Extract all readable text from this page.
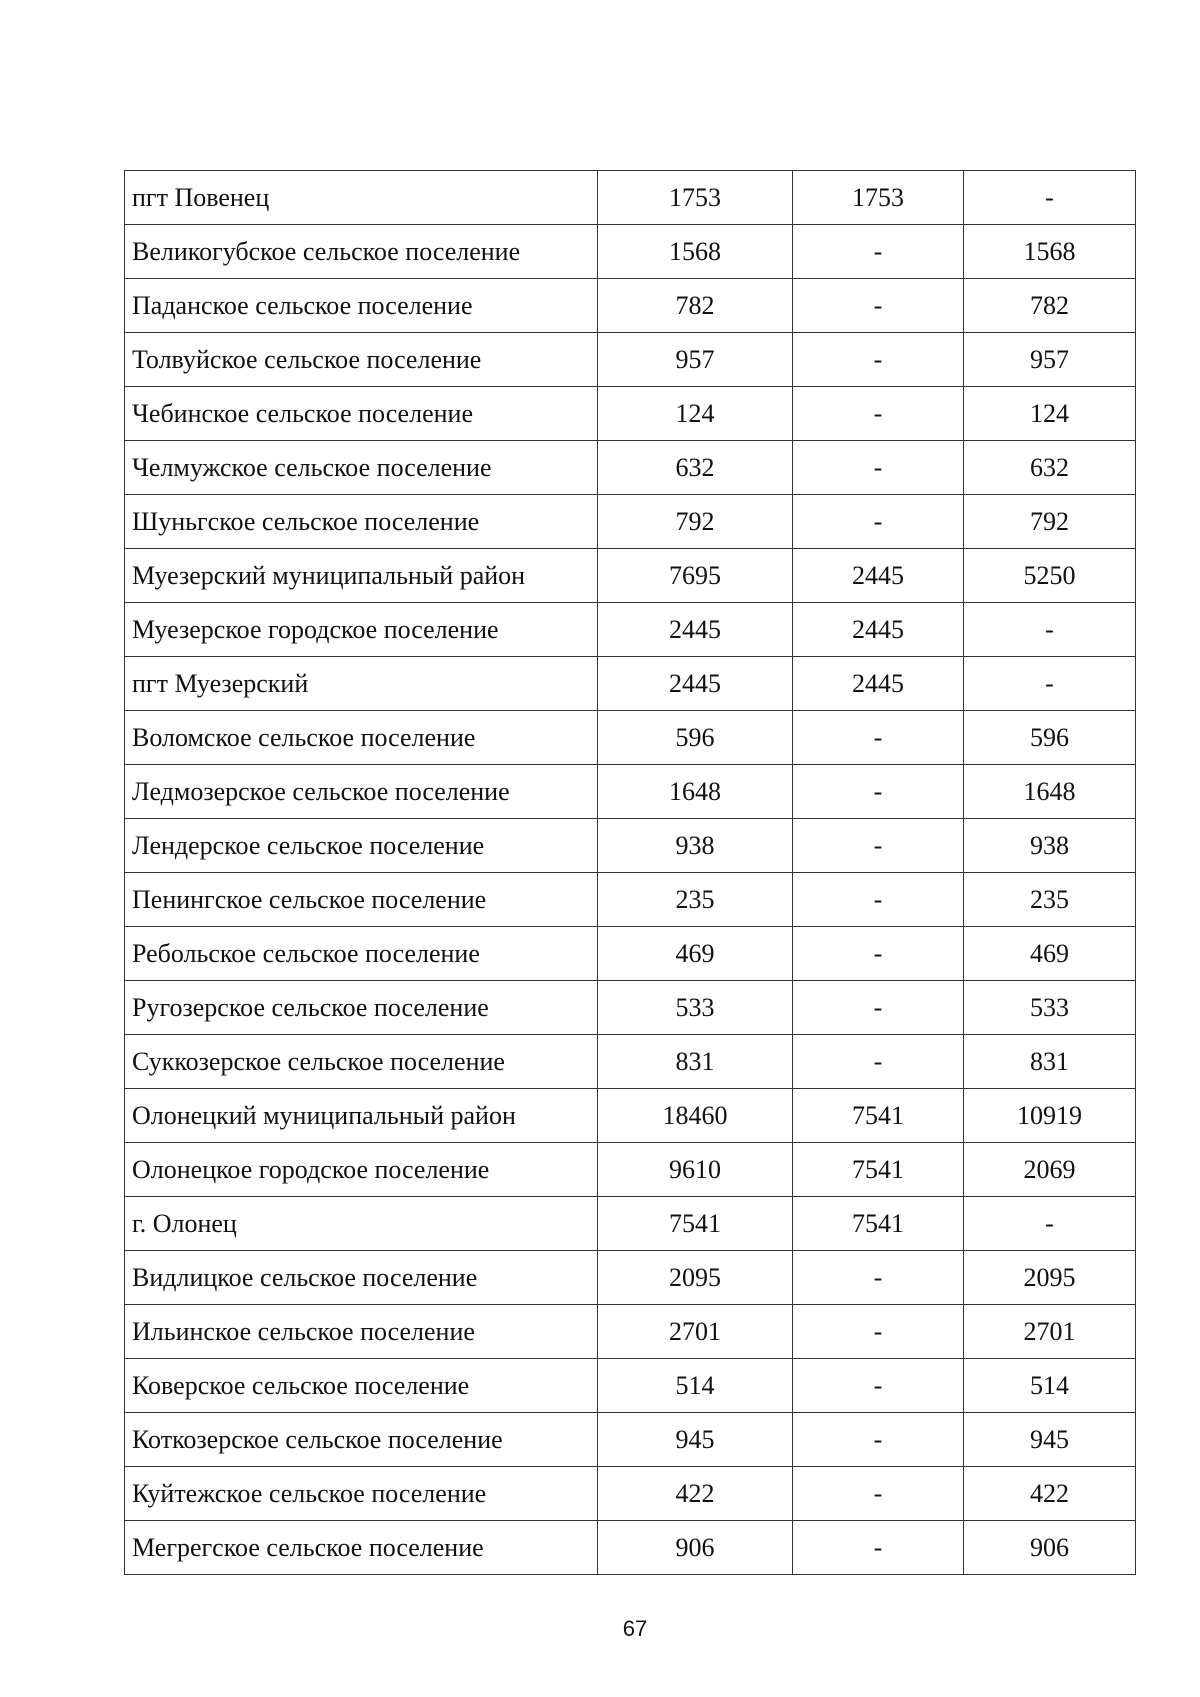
пгт Повенец	1753	1753	-
Великогубское сельское поселение	1568	-	1568
Паданское сельское поселение	782	-	782
Толвуйское сельское поселение	957	-	957
Чебинское сельское поселение	124	-	124
Челмужское сельское поселение	632	-	632
Шуньгское сельское поселение	792	-	792
Муезерский муниципальный район	7695	2445	5250
Муезерское городское поселение	2445	2445	-
пгт Муезерский	2445	2445	-
Воломское сельское поселение	596	-	596
Ледмозерское сельское поселение	1648	-	1648
Лендерское сельское поселение	938	-	938
Пенингское сельское поселение	235	-	235
Ребольское сельское поселение	469	-	469
Ругозерское сельское поселение	533	-	533
Суккозерское сельское поселение	831	-	831
Олонецкий муниципальный район	18460	7541	10919
Олонецкое городское поселение	9610	7541	2069
г. Олонец	7541	7541	-
Видлицкое сельское поселение	2095	-	2095
Ильинское сельское поселение	2701	-	2701
Коверское сельское поселение	514	-	514
Коткозерское сельское поселение	945	-	945
Куйтежское сельское поселение	422	-	422
Мегрегское сельское поселение	906	-	906
67
